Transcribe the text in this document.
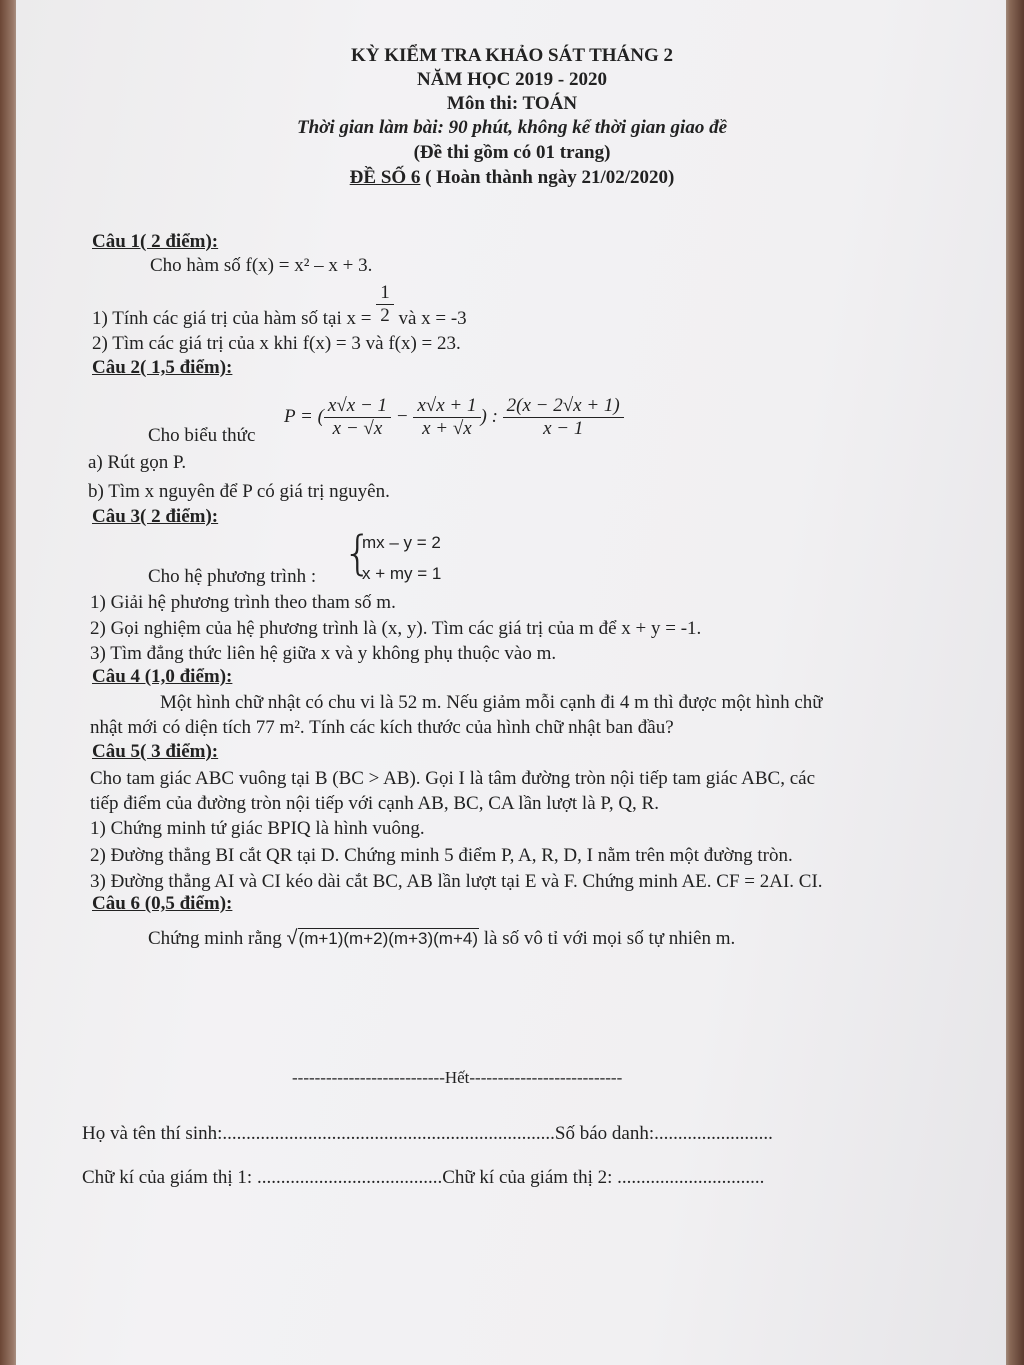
KỲ KIỂM TRA KHẢO SÁT THÁNG 2
NĂM HỌC 2019 - 2020
Môn thi: TOÁN
Thời gian làm bài: 90 phút, không kể thời gian giao đề
(Đề thi gồm có 01 trang)
ĐỀ SỐ 6 ( Hoàn thành ngày 21/02/2020)
Câu 1( 2 điểm):
Cho hàm số f(x) = x² – x + 3.
1) Tính các giá trị của hàm số tại $x = \frac{1}{2}$ và x = -3
2) Tìm các giá trị của x khi f(x) = 3 và f(x) = 23.
Câu 2( 1,5 điểm):
Cho biểu thức
P = ( $\frac{x√x - 1}{x - √x} - \frac{x√x + 1}{x + √x}$ ) : $\frac{2(x - 2√x + 1)}{x - 1}$
a) Rút gọn P.
b) Tìm x nguyên để P có giá trị nguyên.
Câu 3( 2 điểm):
{
mx – y = 2
x + my = 1
Cho hệ phương trình :
1) Giải hệ phương trình theo tham số m.
2) Gọi nghiệm của hệ phương trình là (x, y). Tìm các giá trị của m để x + y = -1.
3) Tìm đẳng thức liên hệ giữa x và y không phụ thuộc vào m.
Câu 4 (1,0 điểm):
Một hình chữ nhật có chu vi là 52 m. Nếu giảm mỗi cạnh đi 4 m thì được một hình chữ
nhật mới có diện tích 77 m². Tính các kích thước của hình chữ nhật ban đầu?
Câu 5( 3 điểm):
Cho tam giác ABC vuông tại B (BC > AB). Gọi I là tâm đường tròn nội tiếp tam giác ABC, các
tiếp điểm của đường tròn nội tiếp với cạnh AB, BC, CA lần lượt là P, Q, R.
1) Chứng minh tứ giác BPIQ là hình vuông.
2) Đường thẳng BI cắt QR tại D. Chứng minh 5 điểm P, A, R, D, I nằm trên một đường tròn.
3) Đường thẳng AI và CI kéo dài cắt BC, AB lần lượt tại E và F. Chứng minh AE. CF = 2AI. CI.
Câu 6 (0,5 điểm):
Chứng minh rằng √(m+1)(m+2)(m+3)(m+4) là số vô tỉ với mọi số tự nhiên m.
---------------------------Hết---------------------------
Họ và tên thí sinh:......................................................................Số báo danh:.........................
Chữ kí của giám thị 1: .......................................Chữ kí của giám thị 2: ...............................
